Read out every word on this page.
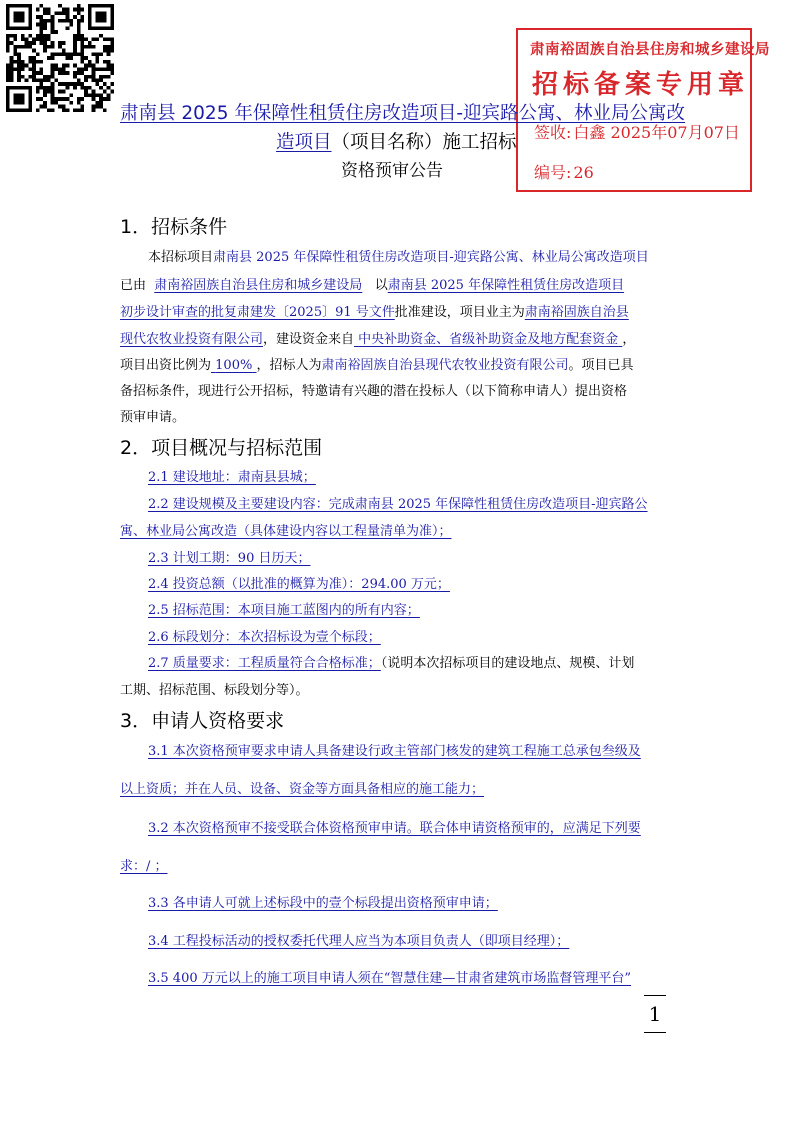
肃南裕固族自治县住房和城乡建设局
招标备案专用章
签收: 白鑫 2025年07月07日
编号: 26
肃南县 2025 年保障性租赁住房改造项目-迎宾路公寓、林业局公寓改
造项目（项目名称）施工招标
资格预审公告
1．招标条件
本招标项目肃南县 2025 年保障性租赁住房改造项目-迎宾路公寓、林业局公寓改造项目
已由 肃南裕固族自治县住房和城乡建设局 以肃南县 2025 年保障性租赁住房改造项目
初步设计审查的批复肃建发〔2025〕91 号文件批准建设，项目业主为肃南裕固族自治县
现代农牧业投资有限公司，建设资金来自 中央补助资金、省级补助资金及地方配套资金 ，
项目出资比例为 100% ，招标人为肃南裕固族自治县现代农牧业投资有限公司。项目已具
备招标条件，现进行公开招标，特邀请有兴趣的潜在投标人（以下简称申请人）提出资格
预审申请。
2．项目概况与招标范围
2.1 建设地址：肃南县县城；
2.2 建设规模及主要建设内容：完成肃南县 2025 年保障性租赁住房改造项目-迎宾路公
寓、林业局公寓改造（具体建设内容以工程量清单为准）；
2.3 计划工期：90 日历天；
2.4 投资总额（以批准的概算为准）：294.00 万元；
2.5 招标范围：本项目施工蓝图内的所有内容；
2.6 标段划分：本次招标设为壹个标段；
2.7 质量要求：工程质量符合合格标准；（说明本次招标项目的建设地点、规模、计划
工期、招标范围、标段划分等）。
3．申请人资格要求
3.1 本次资格预审要求申请人具备建设行政主管部门核发的建筑工程施工总承包叁级及
以上资质；并在人员、设备、资金等方面具备相应的施工能力；
3.2 本次资格预审不接受联合体资格预审申请。联合体申请资格预审的，应满足下列要
求：/ ；
3.3 各申请人可就上述标段中的壹个标段提出资格预审申请；
3.4 工程投标活动的授权委托代理人应当为本项目负责人（即项目经理）；
3.5 400 万元以上的施工项目申请人须在“智慧住建—甘肃省建筑市场监督管理平台”
1
